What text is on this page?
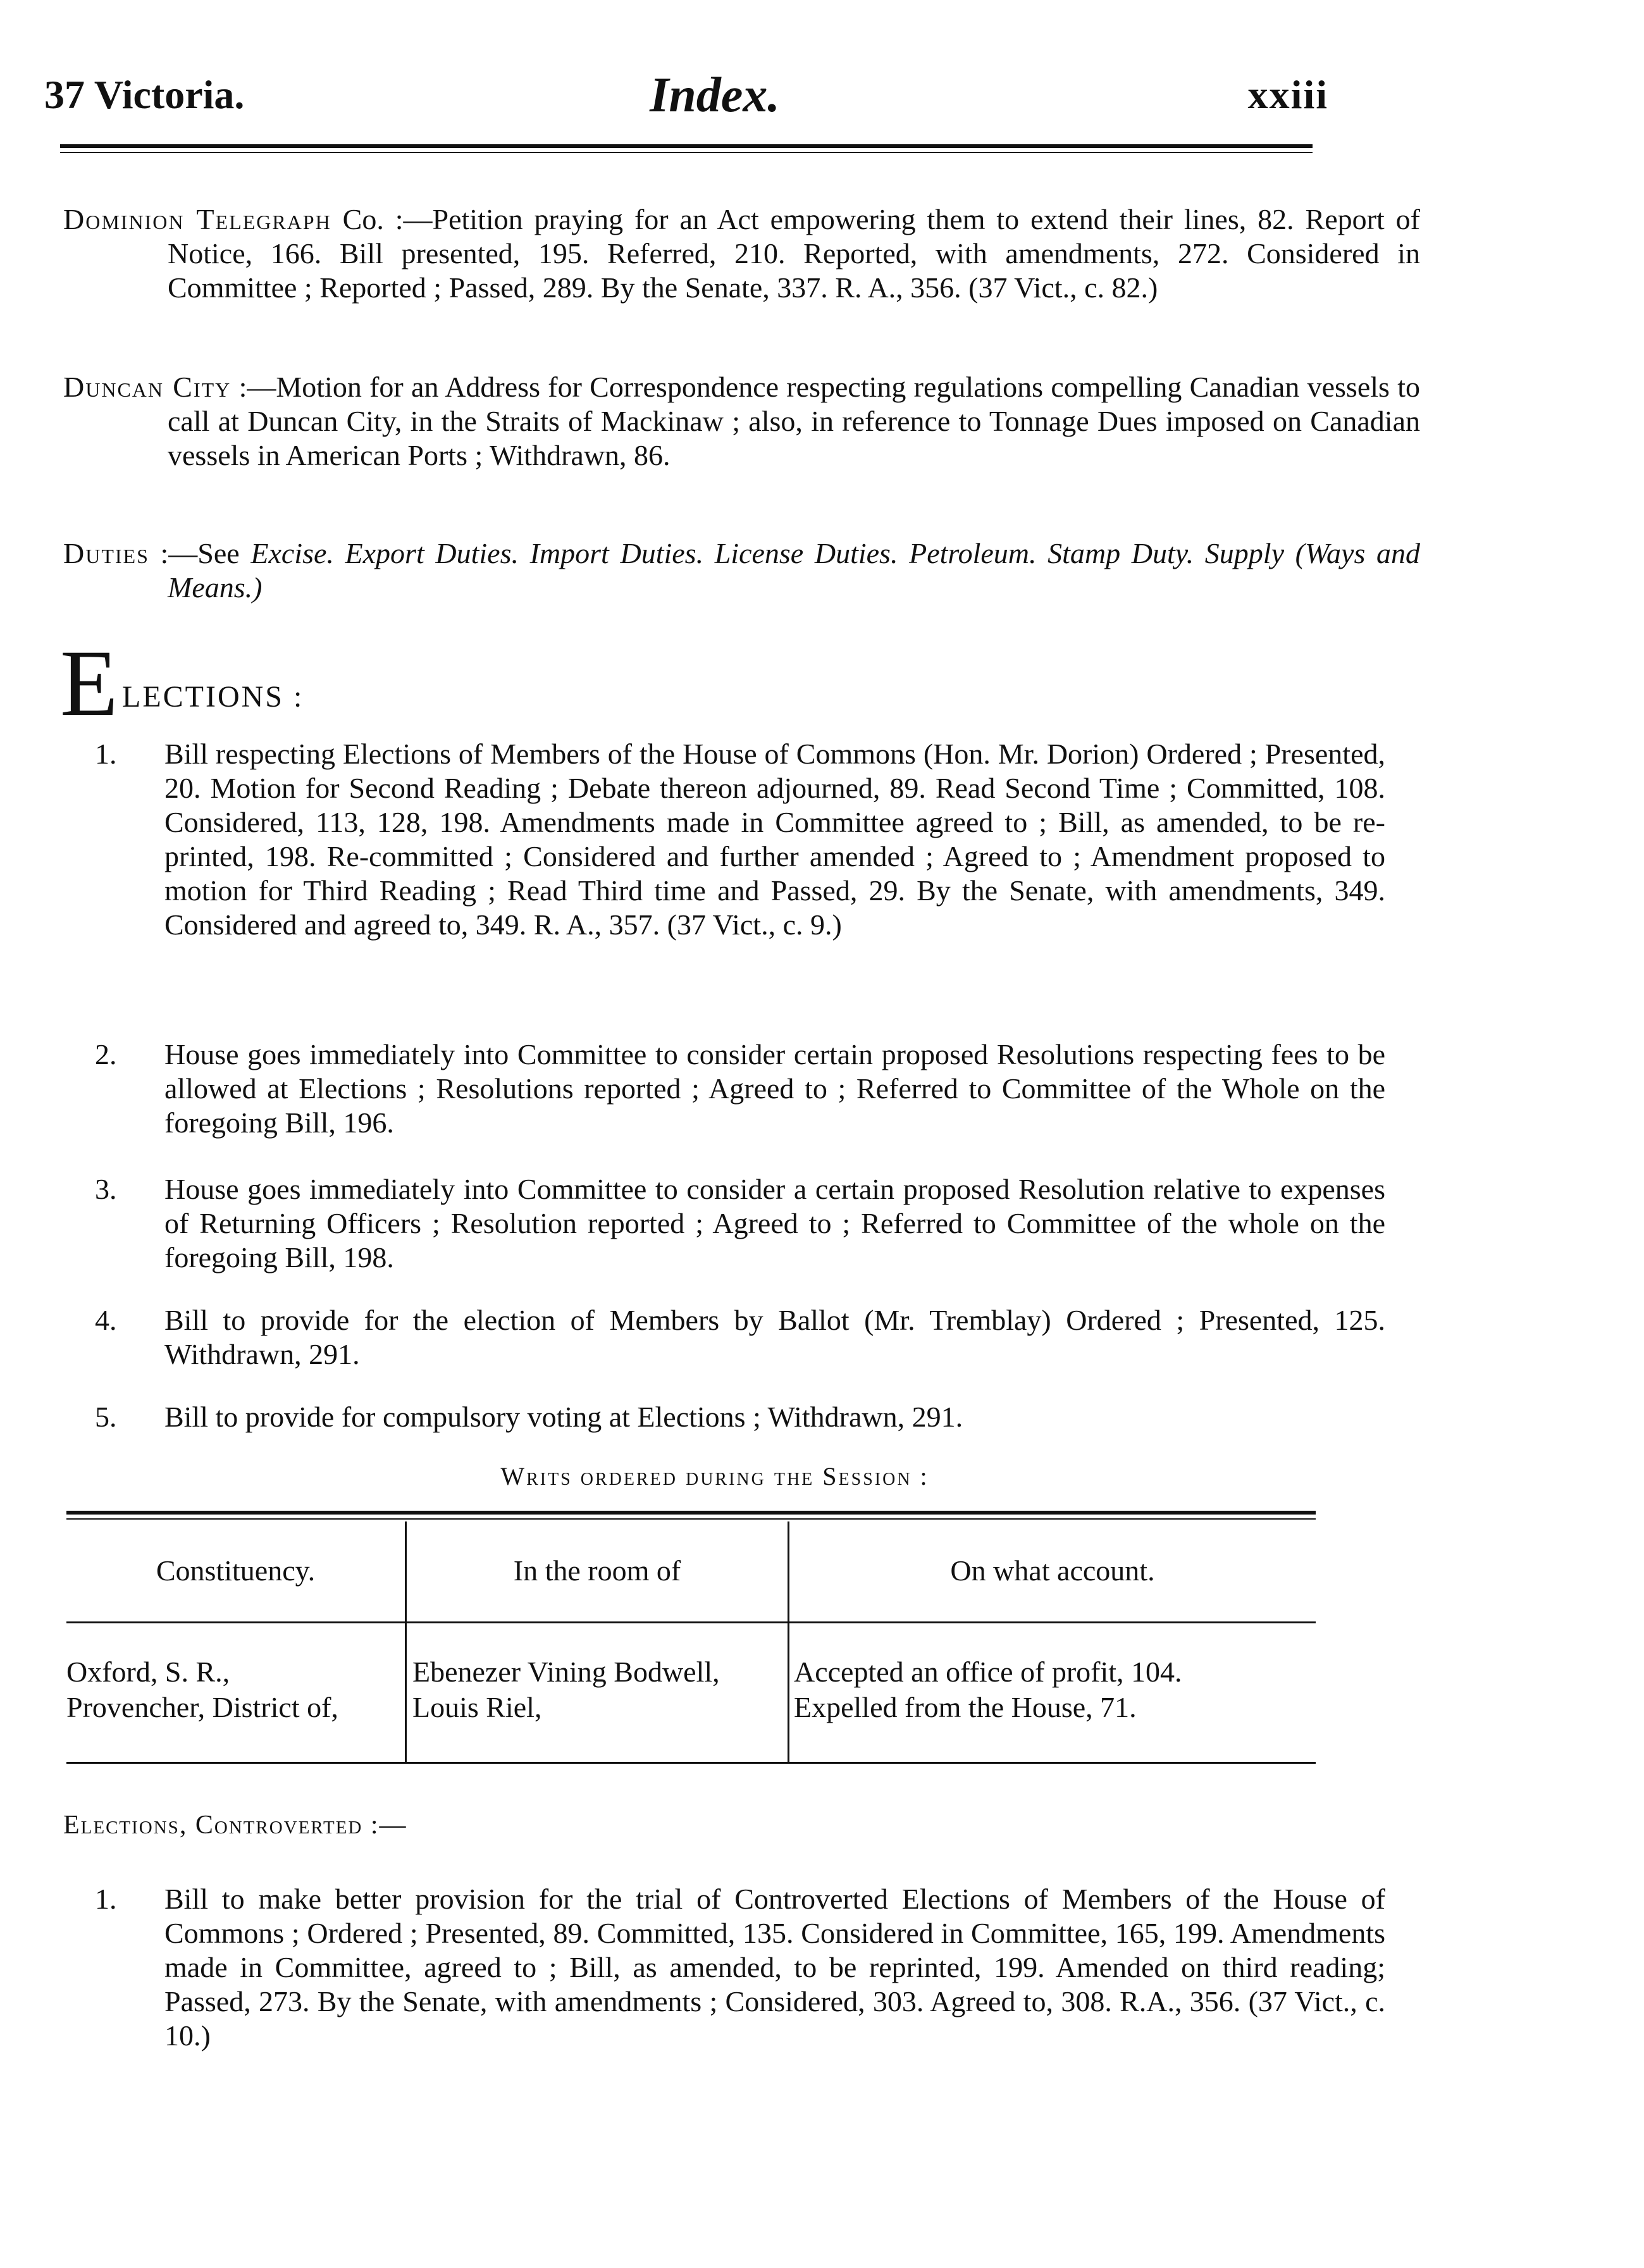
37 Victoria.	Index.	xxiii
Dominion Telegraph Co. :—Petition praying for an Act empowering them to extend their lines, 82. Report of Notice, 166. Bill presented, 195. Referred, 210. Reported, with amendments, 272. Considered in Committee ; Reported ; Passed, 289. By the Senate, 337. R. A., 356. (37 Vict., c. 82.)
Duncan City :—Motion for an Address for Correspondence respecting regulations compelling Canadian vessels to call at Duncan City, in the Straits of Mackinaw ; also, in reference to Tonnage Dues imposed on Canadian vessels in American Ports ; Withdrawn, 86.
Duties :—See Excise. Export Duties. Import Duties. License Duties. Petroleum. Stamp Duty. Supply (Ways and Means.)
E LECTIONS :
1. Bill respecting Elections of Members of the House of Commons (Hon. Mr. Dorion) Ordered ; Presented, 20. Motion for Second Reading ; Debate thereon adjourned, 89. Read Second Time ; Committed, 108. Considered, 113, 128, 198. Amendments made in Committee agreed to ; Bill, as amended, to be re-printed, 198. Re-committed ; Considered and further amended ; Agreed to ; Amendment proposed to motion for Third Reading ; Read Third time and Passed, 29. By the Senate, with amendments, 349. Considered and agreed to, 349. R. A., 357. (37 Vict., c. 9.)
2. House goes immediately into Committee to consider certain proposed Resolutions respecting fees to be allowed at Elections ; Resolutions reported ; Agreed to ; Referred to Committee of the Whole on the foregoing Bill, 196.
3. House goes immediately into Committee to consider a certain proposed Resolution relative to expenses of Returning Officers ; Resolution reported ; Agreed to ; Referred to Committee of the whole on the foregoing Bill, 198.
4. Bill to provide for the election of Members by Ballot (Mr. Tremblay) Ordered ; Presented, 125. Withdrawn, 291.
5. Bill to provide for compulsory voting at Elections ; Withdrawn, 291.
Writs ordered during the Session :
Constituency.	In the room of	On what account.
Oxford, S. R.,	Ebenezer Vining Bodwell,	Accepted an office of profit, 104.
Provencher, District of,	Louis Riel,	Expelled from the House, 71.
Elections, Controverted :—
1. Bill to make better provision for the trial of Controverted Elections of Members of the House of Commons ; Ordered ; Presented, 89. Committed, 135. Considered in Committee, 165, 199. Amendments made in Committee, agreed to ; Bill, as amended, to be reprinted, 199. Amended on third reading; Passed, 273. By the Senate, with amendments ; Considered, 303. Agreed to, 308. R.A., 356. (37 Vict., c. 10.)
